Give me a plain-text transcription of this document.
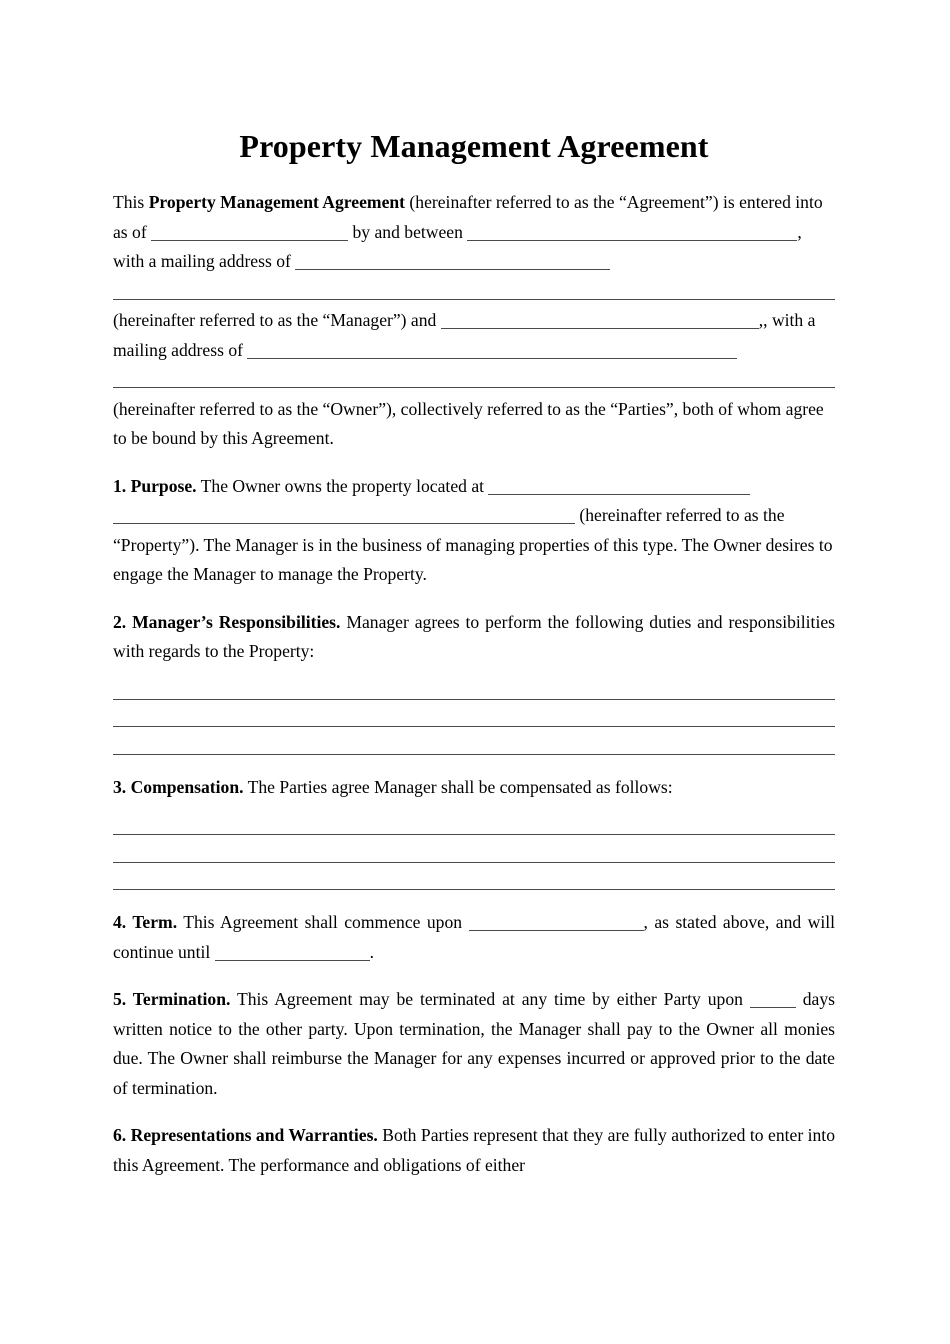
Property Management Agreement

This Property Management Agreement (hereinafter referred to as the “Agreement”) is entered into as of	by and between	, with a mailing address of (hereinafter referred to as the “Manager”) and	,, with a mailing address of (hereinafter referred to as the “Owner”), collectively referred to as the “Parties”, both of whom agree to be bound by this Agreement.

1. Purpose. The Owner owns the property located at  (hereinafter referred to as the “Property”). The Manager is in the business of managing properties of this type. The Owner desires to engage the Manager to manage the Property.

2. Manager’s Responsibilities. Manager agrees to perform the following duties and responsibilities with regards to the Property:

3. Compensation. The Parties agree Manager shall be compensated as follows:

4. Term. This Agreement shall commence upon	, as stated above, and will continue until	.

5. Termination. This Agreement may be terminated at any time by either Party upon	days written notice to the other party. Upon termination, the Manager shall pay to the Owner all monies due. The Owner shall reimburse the Manager for any expenses incurred or approved prior to the date of termination.

6. Representations and Warranties. Both Parties represent that they are fully authorized to enter into this Agreement. The performance and obligations of either
